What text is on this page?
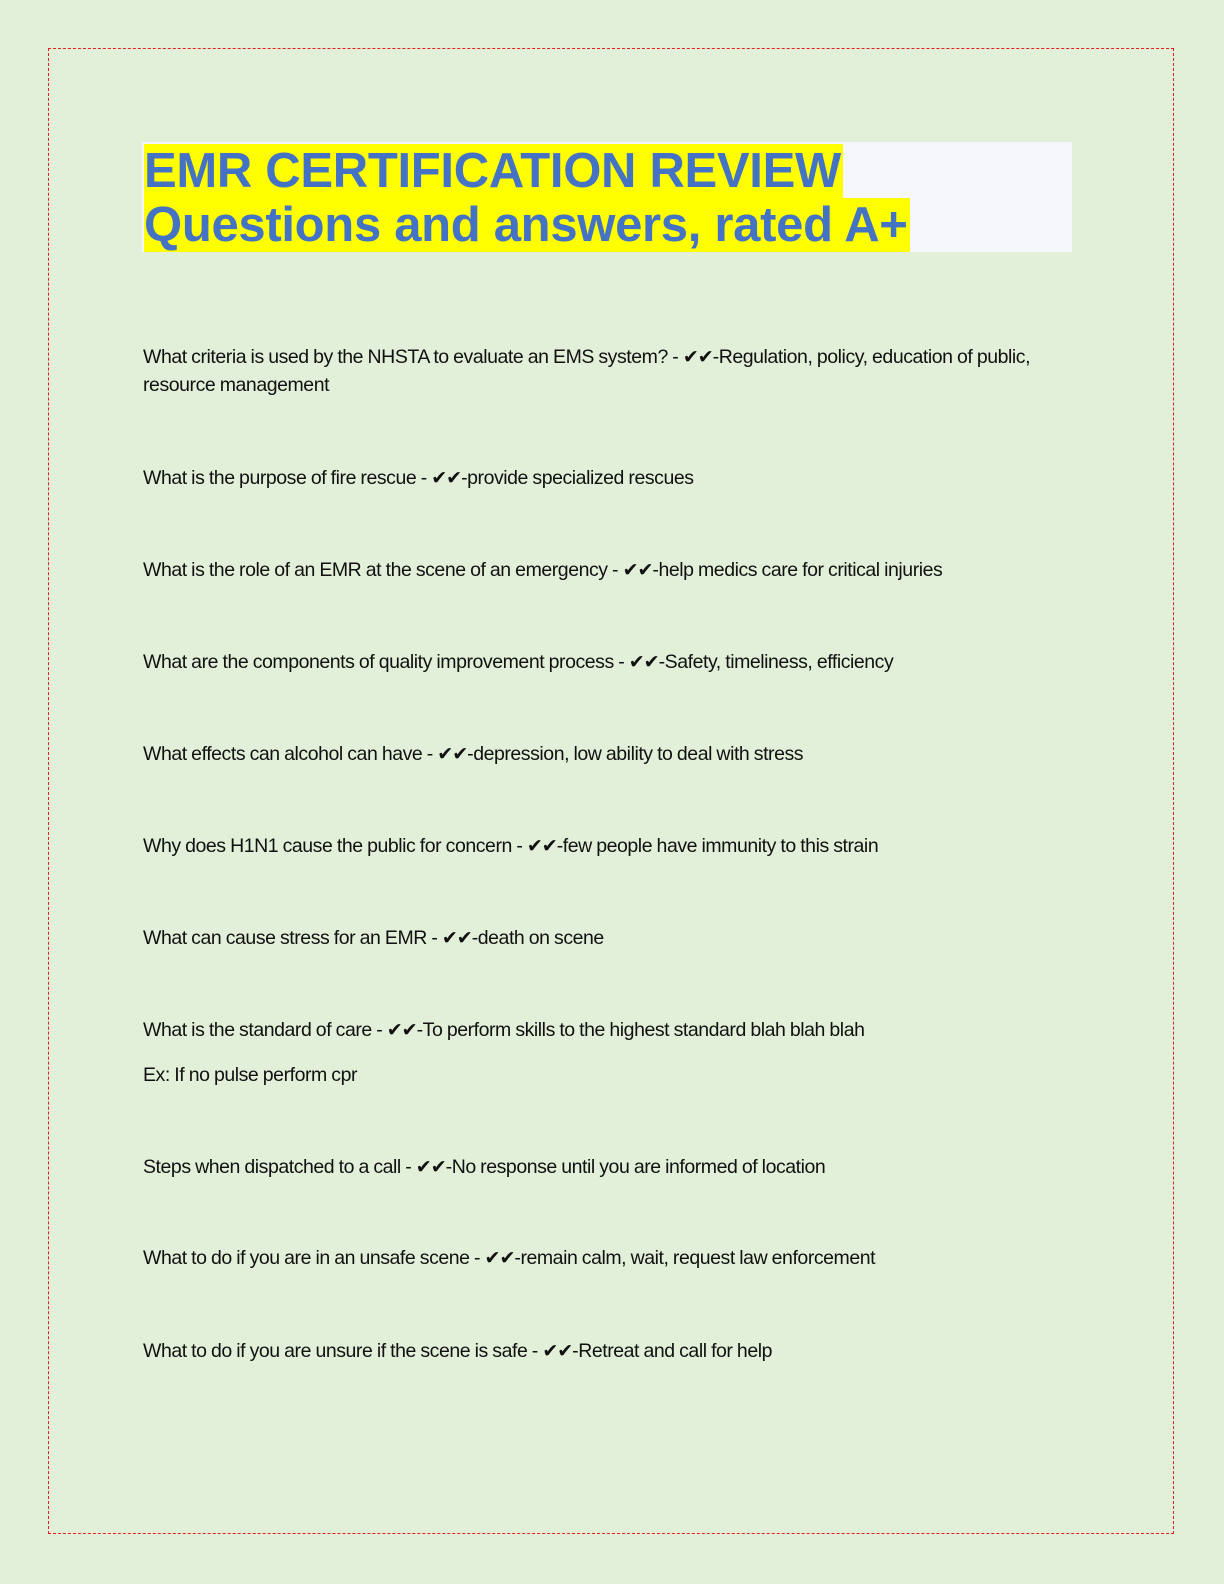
EMR CERTIFICATION REVIEW
Questions and answers, rated A+
What criteria is used by the NHSTA to evaluate an EMS system? - ✔✔-Regulation, policy, education of public, resource management
What is the purpose of fire rescue - ✔✔-provide specialized rescues
What is the role of an EMR at the scene of an emergency - ✔✔-help medics care for critical injuries
What are the components of quality improvement process - ✔✔-Safety, timeliness, efficiency
What effects can alcohol can have - ✔✔-depression, low ability to deal with stress
Why does H1N1 cause the public for concern - ✔✔-few people have immunity to this strain
What can cause stress for an EMR - ✔✔-death on scene
What is the standard of care - ✔✔-To perform skills to the highest standard blah blah blah
Ex: If no pulse perform cpr
Steps when dispatched to a call - ✔✔-No response until you are informed of location
What to do if you are in an unsafe scene - ✔✔-remain calm, wait, request law enforcement
What to do if you are unsure if the scene is safe - ✔✔-Retreat and call for help
